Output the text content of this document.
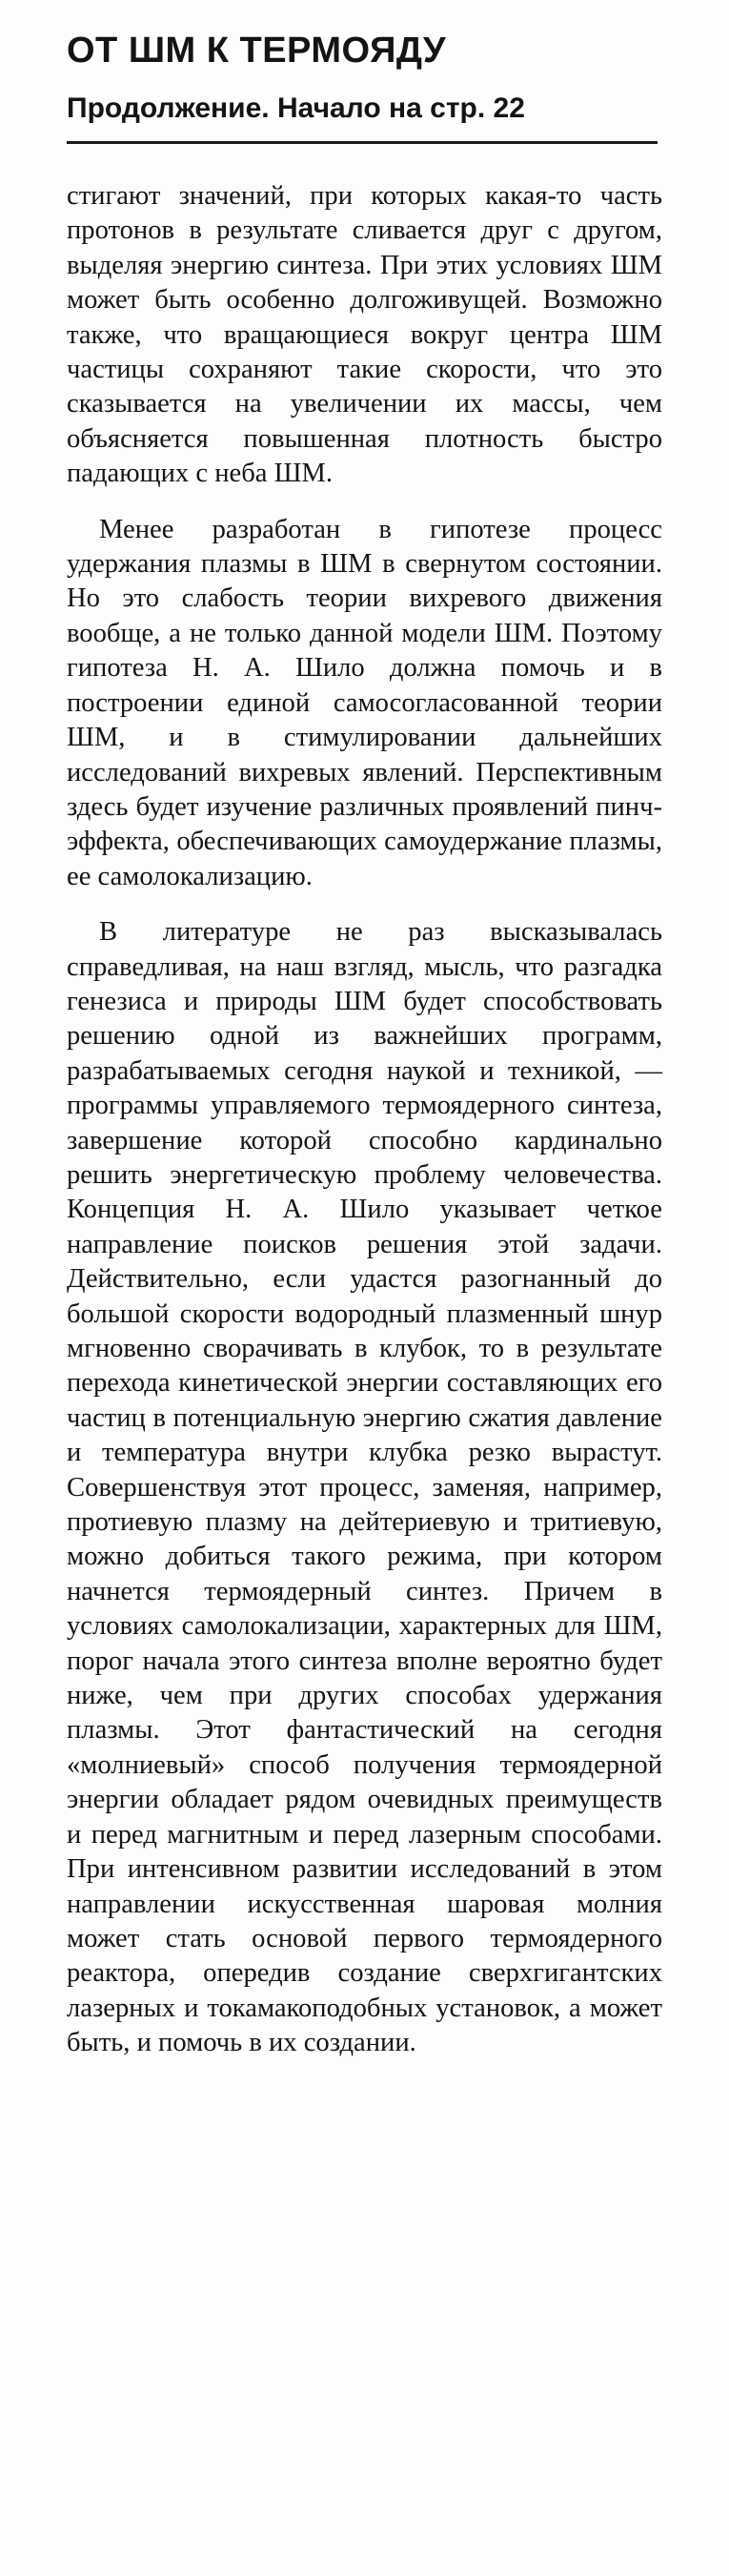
ОТ ШМ К ТЕРМОЯДУ
Продолжение. Начало на стр. 22

стигают значений, при которых какая-то часть протонов в результате сливается друг с другом, выделяя энергию синтеза. При этих условиях ШМ может быть особенно долгоживущей. Возможно также, что вращающиеся вокруг центра ШМ частицы сохраняют такие скорости, что это сказывается на увеличении их массы, чем объясняется повышенная плотность быстро падающих с неба ШМ.

Менее разработан в гипотезе процесс удержания плазмы в ШМ в свернутом состоянии. Но это слабость теории вихревого движения вообще, а не только данной модели ШМ. Поэтому гипотеза Н. А. Шило должна помочь и в построении единой самосогласованной теории ШМ, и в стимулировании дальнейших исследований вихревых явлений. Перспективным здесь будет изучение различных проявлений пинч-эффекта, обеспечивающих самоудержание плазмы, ее самолокализацию.

В литературе не раз высказывалась справедливая, на наш взгляд, мысль, что разгадка генезиса и природы ШМ будет способствовать решению одной из важнейших программ, разрабатываемых сегодня наукой и техникой, — программы управляемого термоядерного синтеза, завершение которой способно кардинально решить энергетическую проблему человечества. Концепция Н. А. Шило указывает четкое направление поисков решения этой задачи. Действительно, если удастся разогнанный до большой скорости водородный плазменный шнур мгновенно сворачивать в клубок, то в результате перехода кинетической энергии составляющих его частиц в потенциальную энергию сжатия давление и температура внутри клубка резко вырастут. Совершенствуя этот процесс, заменяя, например, протиевую плазму на дейтериевую и тритиевую, можно добиться такого режима, при котором начнется термоядерный синтез. Причем в условиях самолокализации, характерных для ШМ, порог начала этого синтеза вполне вероятно будет ниже, чем при других способах удержания плазмы. Этот фантастический на сегодня «молниевый» способ получения термоядерной энергии обладает рядом очевидных преимуществ и перед магнитным и перед лазерным способами. При интенсивном развитии исследований в этом направлении искусственная шаровая молния может стать основой первого термоядерного реактора, опередив создание сверхгигантских лазерных и токамакоподобных установок, а может быть, и помочь в их создании.
